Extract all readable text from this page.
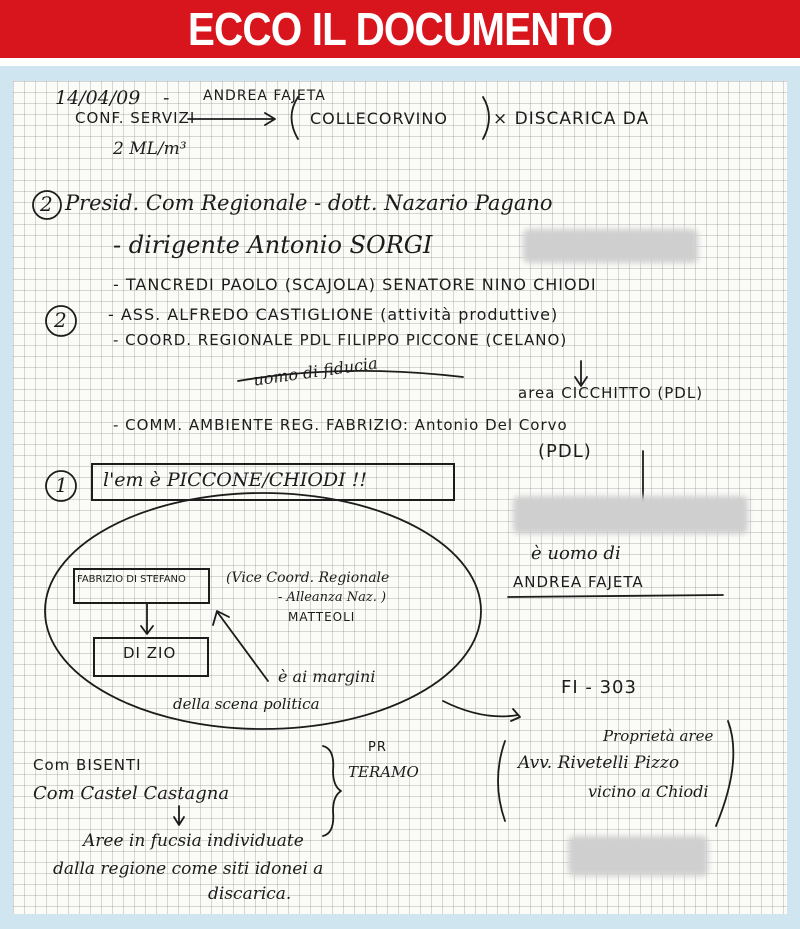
ECCO IL DOCUMENTO
14/04/09 - ANDREA FAJETA
CONF. SERVIZI	COLLECORVINO	× DISCARICA DA
2 ML/m³
2 Presid. Com Regionale - dott. Nazario Pagano
- dirigente Antonio SORGI
- TANCREDI PAOLO (SCAJOLA) SENATORE NINO CHIODI
2	- ASS. ALFREDO CASTIGLIONE (attività produttive)
- COORD. REGIONALE PDL FILIPPO PICCONE (CELANO)
uomo di fiducia
area CICCHITTO (PDL)
- COMM. AMBIENTE REG. FABRIZIO: Antonio Del Corvo
(PDL)
1 l'em è PICCONE/CHIODI !!
è uomo di
ANDREA FAJETA
FABRIZIO DI STEFANO	(Vice Coord. Regionale
- Alleanza Naz. )
MATTEOLI
DI ZIO
è ai margini
della scena politica
FI - 303
Com BISENTI
Com Castel Castagna
PR
TERAMO
Proprietà aree
Avv. Rivetelli Pizzo
vicino a Chiodi
Aree in fucsia individuate
dalla regione come siti idonei a
discarica.
